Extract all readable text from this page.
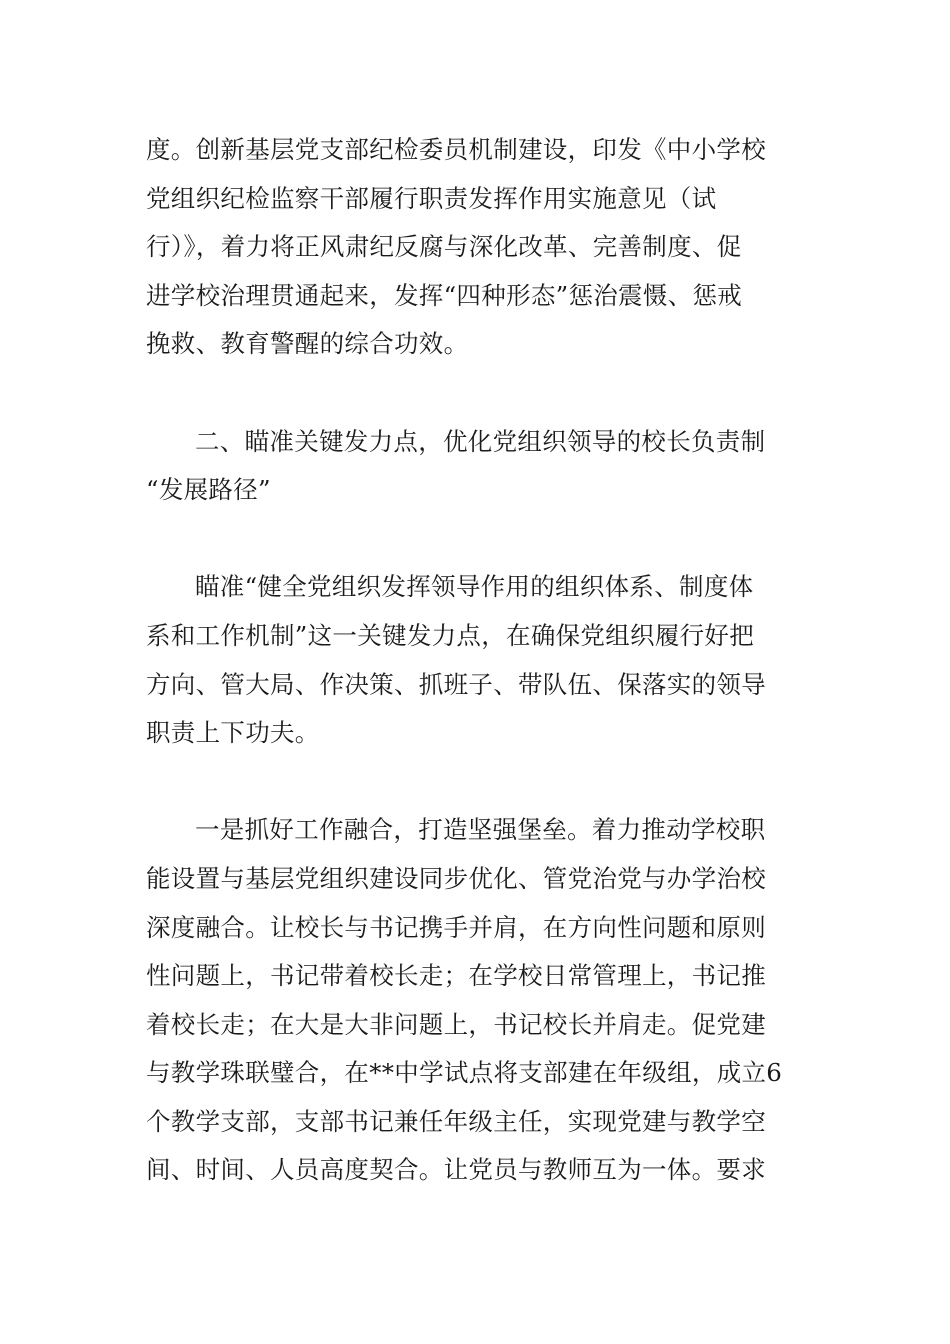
度。创新基层党支部纪检委员机制建设，印发《中小学校
党组织纪检监察干部履行职责发挥作用实施意见（试
行）》，着力将正风肃纪反腐与深化改革、完善制度、促
进学校治理贯通起来，发挥“四种形态”惩治震慑、惩戒
挽救、教育警醒的综合功效。
二、瞄准关键发力点，优化党组织领导的校长负责制
“发展路径”
瞄准“健全党组织发挥领导作用的组织体系、制度体
系和工作机制”这一关键发力点，在确保党组织履行好把
方向、管大局、作决策、抓班子、带队伍、保落实的领导
职责上下功夫。
一是抓好工作融合，打造坚强堡垒。着力推动学校职
能设置与基层党组织建设同步优化、管党治党与办学治校
深度融合。让校长与书记携手并肩，在方向性问题和原则
性问题上，书记带着校长走；在学校日常管理上，书记推
着校长走；在大是大非问题上，书记校长并肩走。促党建
与教学珠联璧合，在**中学试点将支部建在年级组，成立6
个教学支部，支部书记兼任年级主任，实现党建与教学空
间、时间、人员高度契合。让党员与教师互为一体。要求
